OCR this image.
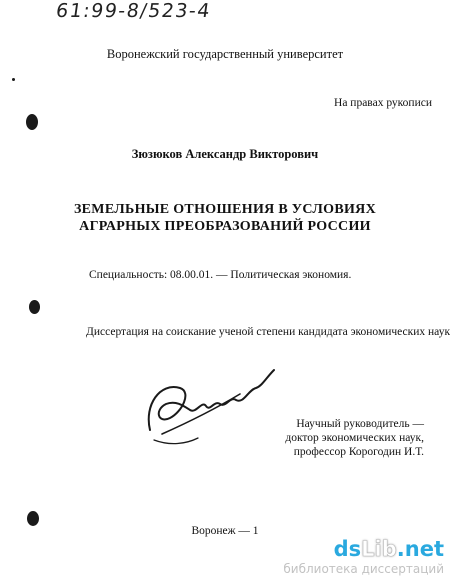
61:99-8/523-4
Воронежский государственный университет
На правах рукописи
Зюзюков Александр Викторович
ЗЕМЕЛЬНЫЕ ОТНОШЕНИЯ В УСЛОВИЯХ
АГРАРНЫХ ПРЕОБРАЗОВАНИЙ РОССИИ
Специальность: 08.00.01. — Политическая экономия.
Диссертация на соискание ученой степени кандидата экономических наук
Научный руководитель —
доктор экономических наук,
профессор Корогодин И.Т.
Воронеж — 1
dsLib.net
библиотека диссертаций
